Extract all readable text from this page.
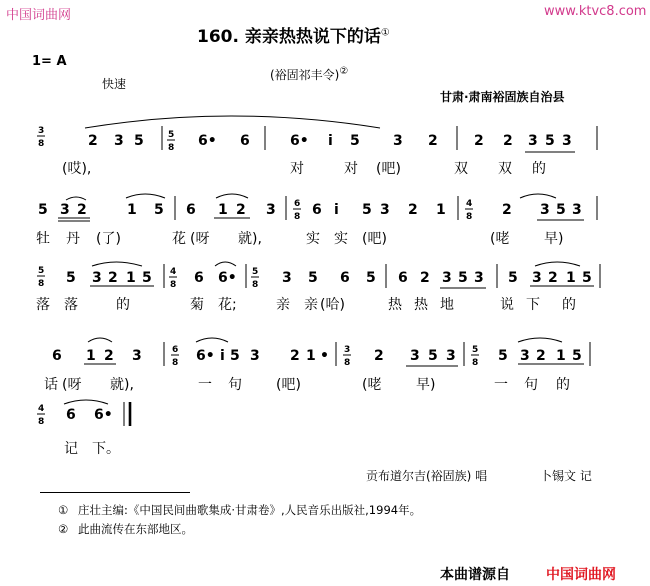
中国词曲网	www.ktvc8.com
160. 亲亲热热说下的话①
1= A
快速
(裕固祁丰令)②
甘肃·肃南裕固族自治县
3
8	2 3 5	5
8 6• 6	6• i 5 3 2	2 2 3 5 3
5 3 2	1 5 6 1 2 3 6
8 6 i 5 3 2 1 4
8 2 3 5 3
5
8 5 3 2 1 5 4
8 6 6• 5
8 3 5 6 5 6 2 3 5 3 5 3 2 1 5
6 1 2 3	6
8 6• i 5 3 2 1 • 3
8 2 3 5 3 5
8 5 3 2 1 5
4
8 6 6•
(哎),	对	对 (吧)	双 双 的
牡 丹 (了)	花 (呀 就),	实 实 (吧)	(咾 早)
落 落	的	菊 花;	亲 亲 (哈)	热 热 地	说 下 的
话 (呀 就),	一 句 (吧)	(咾 早)	一 句 的
记 下。
贡布道尔吉(裕固族) 唱	卜锡文 记
① 庄壮主编:《中国民间曲歌集成·甘肃卷》,人民音乐出版社,1994年。
② 此曲流传在东部地区。
本曲谱源自	中国词曲网
